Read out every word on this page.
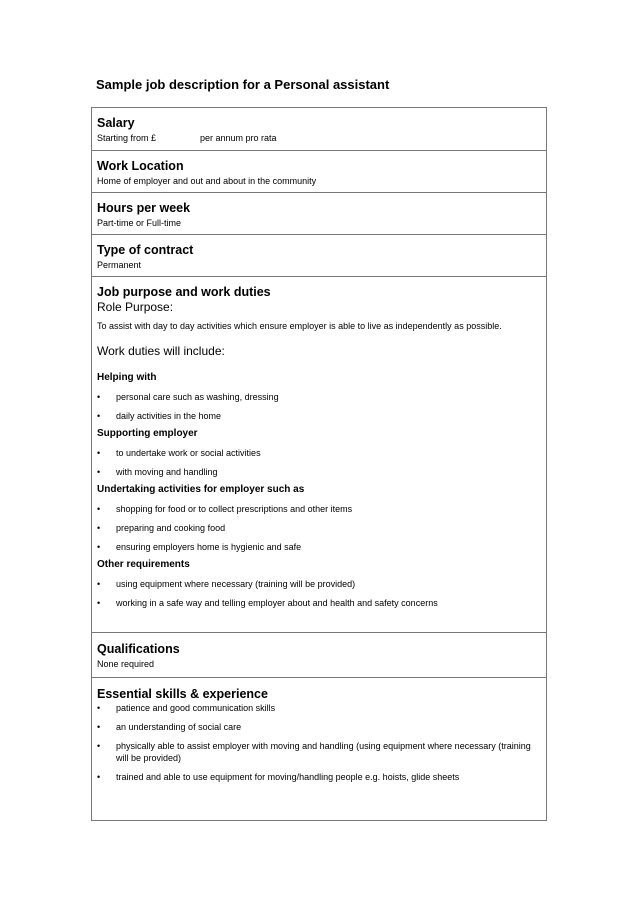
Sample job description for a Personal assistant
Salary
Starting from £	per annum pro rata
Work Location
Home of employer and out and about in the community
Hours per week
Part-time or Full-time
Type of contract
Permanent
Job purpose and work duties
Role Purpose:
To assist with day to day activities which ensure employer is able to live as independently as possible.
Work duties will include:
Helping with
•	personal care such as washing, dressing
•	daily activities in the home
Supporting employer
•	to undertake work or social activities
•	with moving and handling
Undertaking activities for employer such as
•	shopping for food or to collect prescriptions and other items
•	preparing and cooking food
•	ensuring employers home is hygienic and safe
Other requirements
•	using equipment where necessary (training will be provided)
•	working in a safe way and telling employer about and health and safety concerns
Qualifications
None required
Essential skills & experience
•	patience and good communication skills
•	an understanding of social care
•	physically able to assist employer with moving and handling (using equipment where necessary (training will be provided)
•	trained and able to use equipment for moving/handling people e.g. hoists, glide sheets
